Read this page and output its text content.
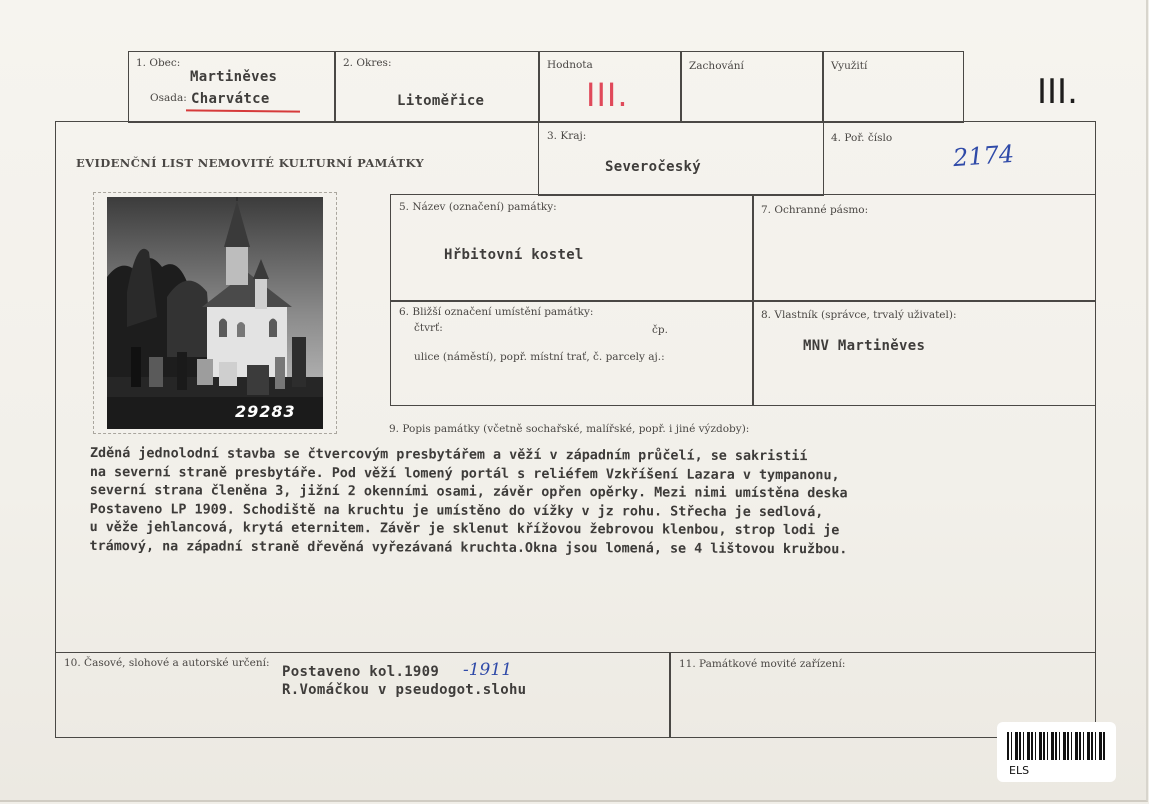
1. Obec:
Martiněves
Osada: Charvátce
2. Okres:
Litoměřice
Hodnota
III.
Zachování	Využití
III.
EVIDENČNÍ LIST NEMOVITÉ KULTURNÍ PAMÁTKY
3. Kraj:
Severočeský
4. Poř. číslo
2174
5. Název (označení) památky:
Hřbitovní kostel
7. Ochranné pásmo:
6. Bližší označení umístění památky:
čtvrť:	čp.
ulice (náměstí), popř. místní trať, č. parcely aj.:
8. Vlastník (správce, trvalý uživatel):
MNV Martiněves
9. Popis památky (včetně sochařské, malířské, popř. i jiné výzdoby):
Zděná jednolodní stavba se čtvercovým presbytářem a věží v západním průčelí, se sakristií
na severní straně presbytáře. Pod věží lomený portál s reliéfem Vzkříšení Lazara v tympanonu,
severní strana členěna 3, jižní 2 okenními osami, závěr opřen opěrky. Mezi nimi umístěna deska
Postaveno LP 1909. Schodiště na kruchtu je umístěno do vížky v jz rohu. Střecha je sedlová,
u věže jehlancová, krytá eternitem. Závěr je sklenut křížovou žebrovou klenbou, strop lodi je
trámový, na západní straně dřevěná vyřezávaná kruchta.Okna jsou lomená, se 4 lištovou kružbou.
10. Časové, slohové a autorské určení:
Postaveno kol.1909 -1911
R.Vomáčkou v pseudogot.slohu
11. Památkové movité zařízení:
29283
ELS
